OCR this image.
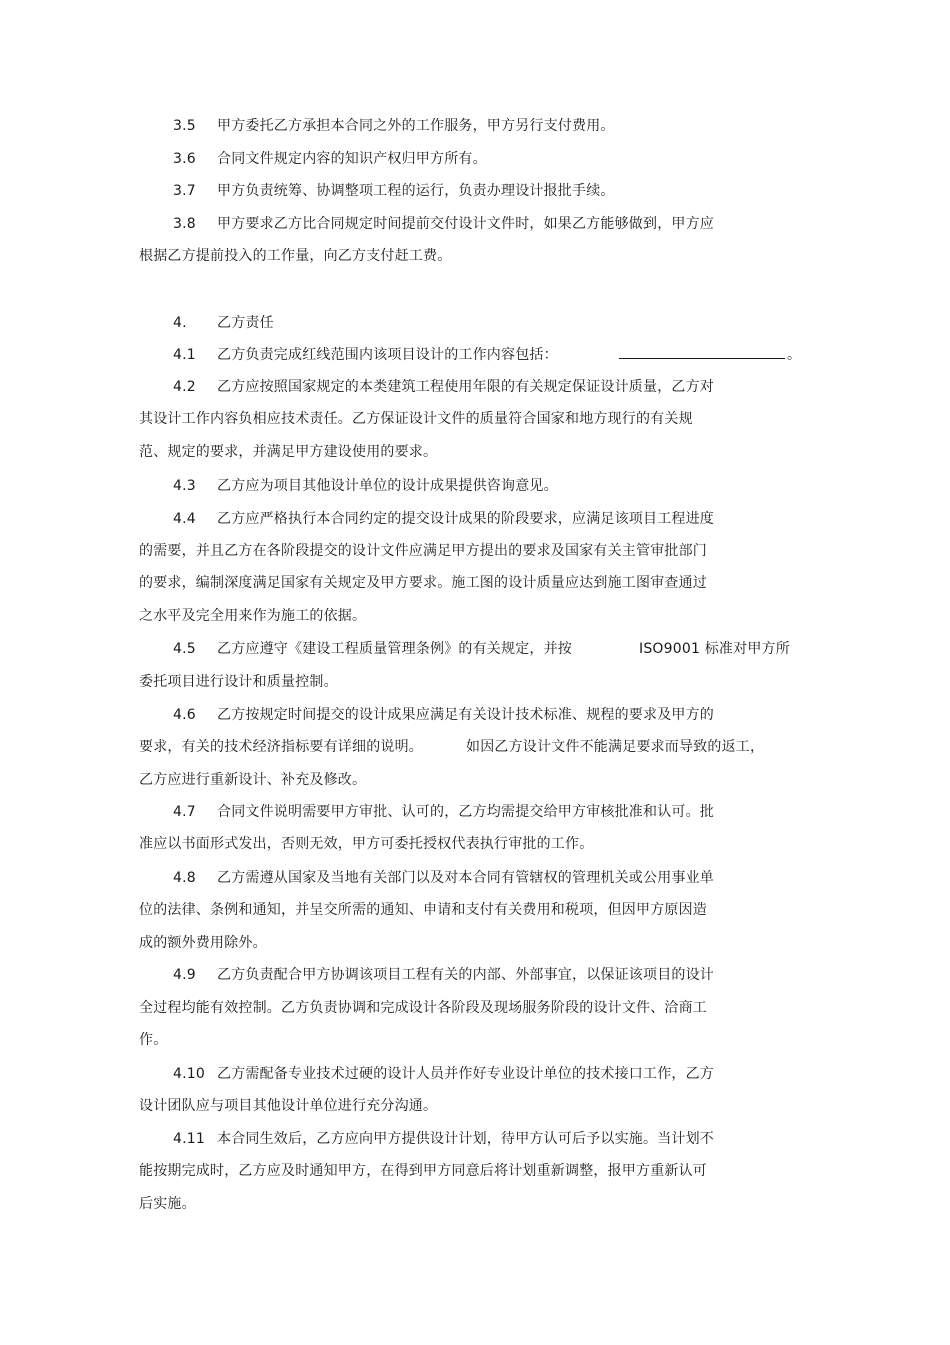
3.5 甲方委托乙方承担本合同之外的工作服务，甲方另行支付费用。
3.6 合同文件规定内容的知识产权归甲方所有。
3.7 甲方负责统筹、协调整项工程的运行，负责办理设计报批手续。
3.8 甲方要求乙方比合同规定时间提前交付设计文件时，如果乙方能够做到，甲方应
根据乙方提前投入的工作量，向乙方支付赶工费。
4. 乙方责任
4.1 乙方负责完成红线范围内该项目设计的工作内容包括：	。
4.2 乙方应按照国家规定的本类建筑工程使用年限的有关规定保证设计质量，乙方对
其设计工作内容负相应技术责任。乙方保证设计文件的质量符合国家和地方现行的有关规
范、规定的要求，并满足甲方建设使用的要求。
4.3 乙方应为项目其他设计单位的设计成果提供咨询意见。
4.4 乙方应严格执行本合同约定的提交设计成果的阶段要求，应满足该项目工程进度
的需要，并且乙方在各阶段提交的设计文件应满足甲方提出的要求及国家有关主管审批部门
的要求，编制深度满足国家有关规定及甲方要求。施工图的设计质量应达到施工图审查通过
之水平及完全用来作为施工的依据。
4.5 乙方应遵守《建设工程质量管理条例》的有关规定，并按	ISO9001 标准对甲方所
委托项目进行设计和质量控制。
4.6 乙方按规定时间提交的设计成果应满足有关设计技术标准、规程的要求及甲方的
要求，有关的技术经济指标要有详细的说明。	如因乙方设计文件不能满足要求而导致的返工，
乙方应进行重新设计、补充及修改。
4.7 合同文件说明需要甲方审批、认可的，乙方均需提交给甲方审核批准和认可。批
准应以书面形式发出，否则无效，甲方可委托授权代表执行审批的工作。
4.8 乙方需遵从国家及当地有关部门以及对本合同有管辖权的管理机关或公用事业单
位的法律、条例和通知，并呈交所需的通知、申请和支付有关费用和税项，但因甲方原因造
成的额外费用除外。
4.9 乙方负责配合甲方协调该项目工程有关的内部、外部事宜，以保证该项目的设计
全过程均能有效控制。乙方负责协调和完成设计各阶段及现场服务阶段的设计文件、洽商工
作。
4.10 乙方需配备专业技术过硬的设计人员并作好专业设计单位的技术接口工作，乙方
设计团队应与项目其他设计单位进行充分沟通。
4.11 本合同生效后，乙方应向甲方提供设计计划，待甲方认可后予以实施。当计划不
能按期完成时，乙方应及时通知甲方，在得到甲方同意后将计划重新调整，报甲方重新认可
后实施。
